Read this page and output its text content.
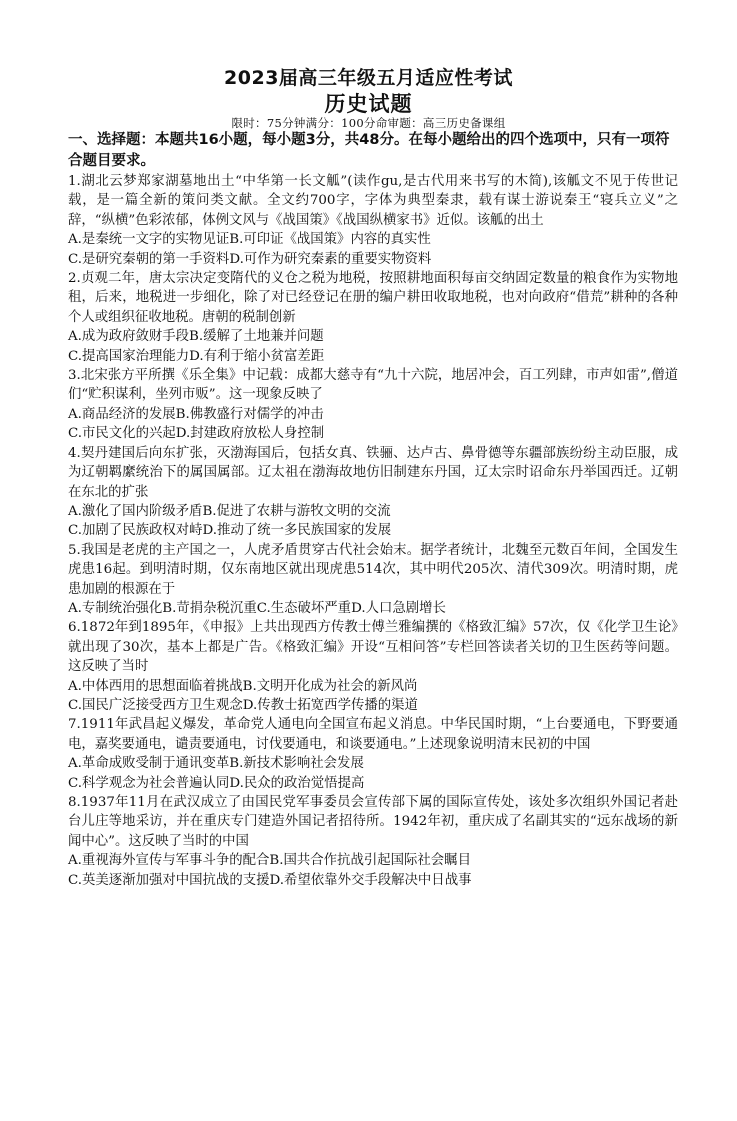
2023届高三年级五月适应性考试
历史试题
限时：75分钟满分：100分命审题：高三历史备课组

一、选择题：本题共16小题，每小题3分，共48分。在每小题给出的四个选项中，只有一项符合题目要求。

1.湖北云梦郑家湖墓地出土“中华第一长文觚”(读作gu,是古代用来书写的木简),该觚文不见于传世记载，是一篇全新的策问类文献。全文约700字，字体为典型秦隶，载有谋士游说秦王“寝兵立义”之辞，“纵横”色彩浓郁，体例文风与《战国策》《战国纵横家书》近似。该觚的出土

A.是秦统一文字的实物见证B.可印证《战国策》内容的真实性

C.是研究秦朝的第一手资料D.可作为研究秦素的重要实物资料

2.贞观二年，唐太宗决定变隋代的义仓之税为地税，按照耕地面积每亩交纳固定数量的粮食作为实物地租，后来，地税进一步细化，除了对已经登记在册的编户耕田收取地税，也对向政府“借荒”耕种的各种个人或组织征收地税。唐朝的税制创新

A.成为政府敛财手段B.缓解了土地兼并问题

C.提高国家治理能力D.有利于缩小贫富差距

3.北宋张方平所撰《乐全集》中记载：成都大慈寺有“九十六院，地居冲会，百工列肆，市声如雷”,僧道们“贮积谋利，坐列市贩”。这一现象反映了

A.商品经济的发展B.佛教盛行对儒学的冲击

C.市民文化的兴起D.封建政府放松人身控制

4.契丹建国后向东扩张，灭渤海国后，包括女真、铁骊、达卢古、鼻骨德等东疆部族纷纷主动臣服，成为辽朝羁縻统治下的属国属部。辽太祖在渤海故地仿旧制建东丹国，辽太宗时诏命东丹举国西迁。辽朝在东北的扩张

A.激化了国内阶级矛盾B.促进了农耕与游牧文明的交流

C.加剧了民族政权对峙D.推动了统一多民族国家的发展

5.我国是老虎的主产国之一，人虎矛盾贯穿古代社会始末。据学者统计，北魏至元数百年间，全国发生虎患16起。到明清时期，仅东南地区就出现虎患514次，其中明代205次、清代309次。明清时期，虎患加剧的根源在于

A.专制统治强化B.苛捐杂税沉重C.生态破坏严重D.人口急剧增长

6.1872年到1895年，《申报》上共出现西方传教士傅兰雅编撰的《格致汇编》57次，仅《化学卫生论》就出现了30次，基本上都是广告。《格致汇编》开设“互相问答”专栏回答读者关切的卫生医药等问题。这反映了当时

A.中体西用的思想面临着挑战B.文明开化成为社会的新风尚

C.国民广泛接受西方卫生观念D.传教士拓宽西学传播的渠道

7.1911年武昌起义爆发，革命党人通电向全国宣布起义消息。中华民国时期，“上台要通电，下野要通电，嘉奖要通电，谴责要通电，讨伐要通电，和谈要通电。”上述现象说明清末民初的中国

A.革命成败受制于通讯变革B.新技术影响社会发展

C.科学观念为社会普遍认同D.民众的政治觉悟提高

8.1937年11月在武汉成立了由国民党军事委员会宣传部下属的国际宣传处，该处多次组织外国记者赴台儿庄等地采访，并在重庆专门建造外国记者招待所。1942年初，重庆成了名副其实的“远东战场的新闻中心”。这反映了当时的中国

A.重视海外宣传与军事斗争的配合B.国共合作抗战引起国际社会瞩目

C.英美逐渐加强对中国抗战的支援D.希望依靠外交手段解决中日战事
